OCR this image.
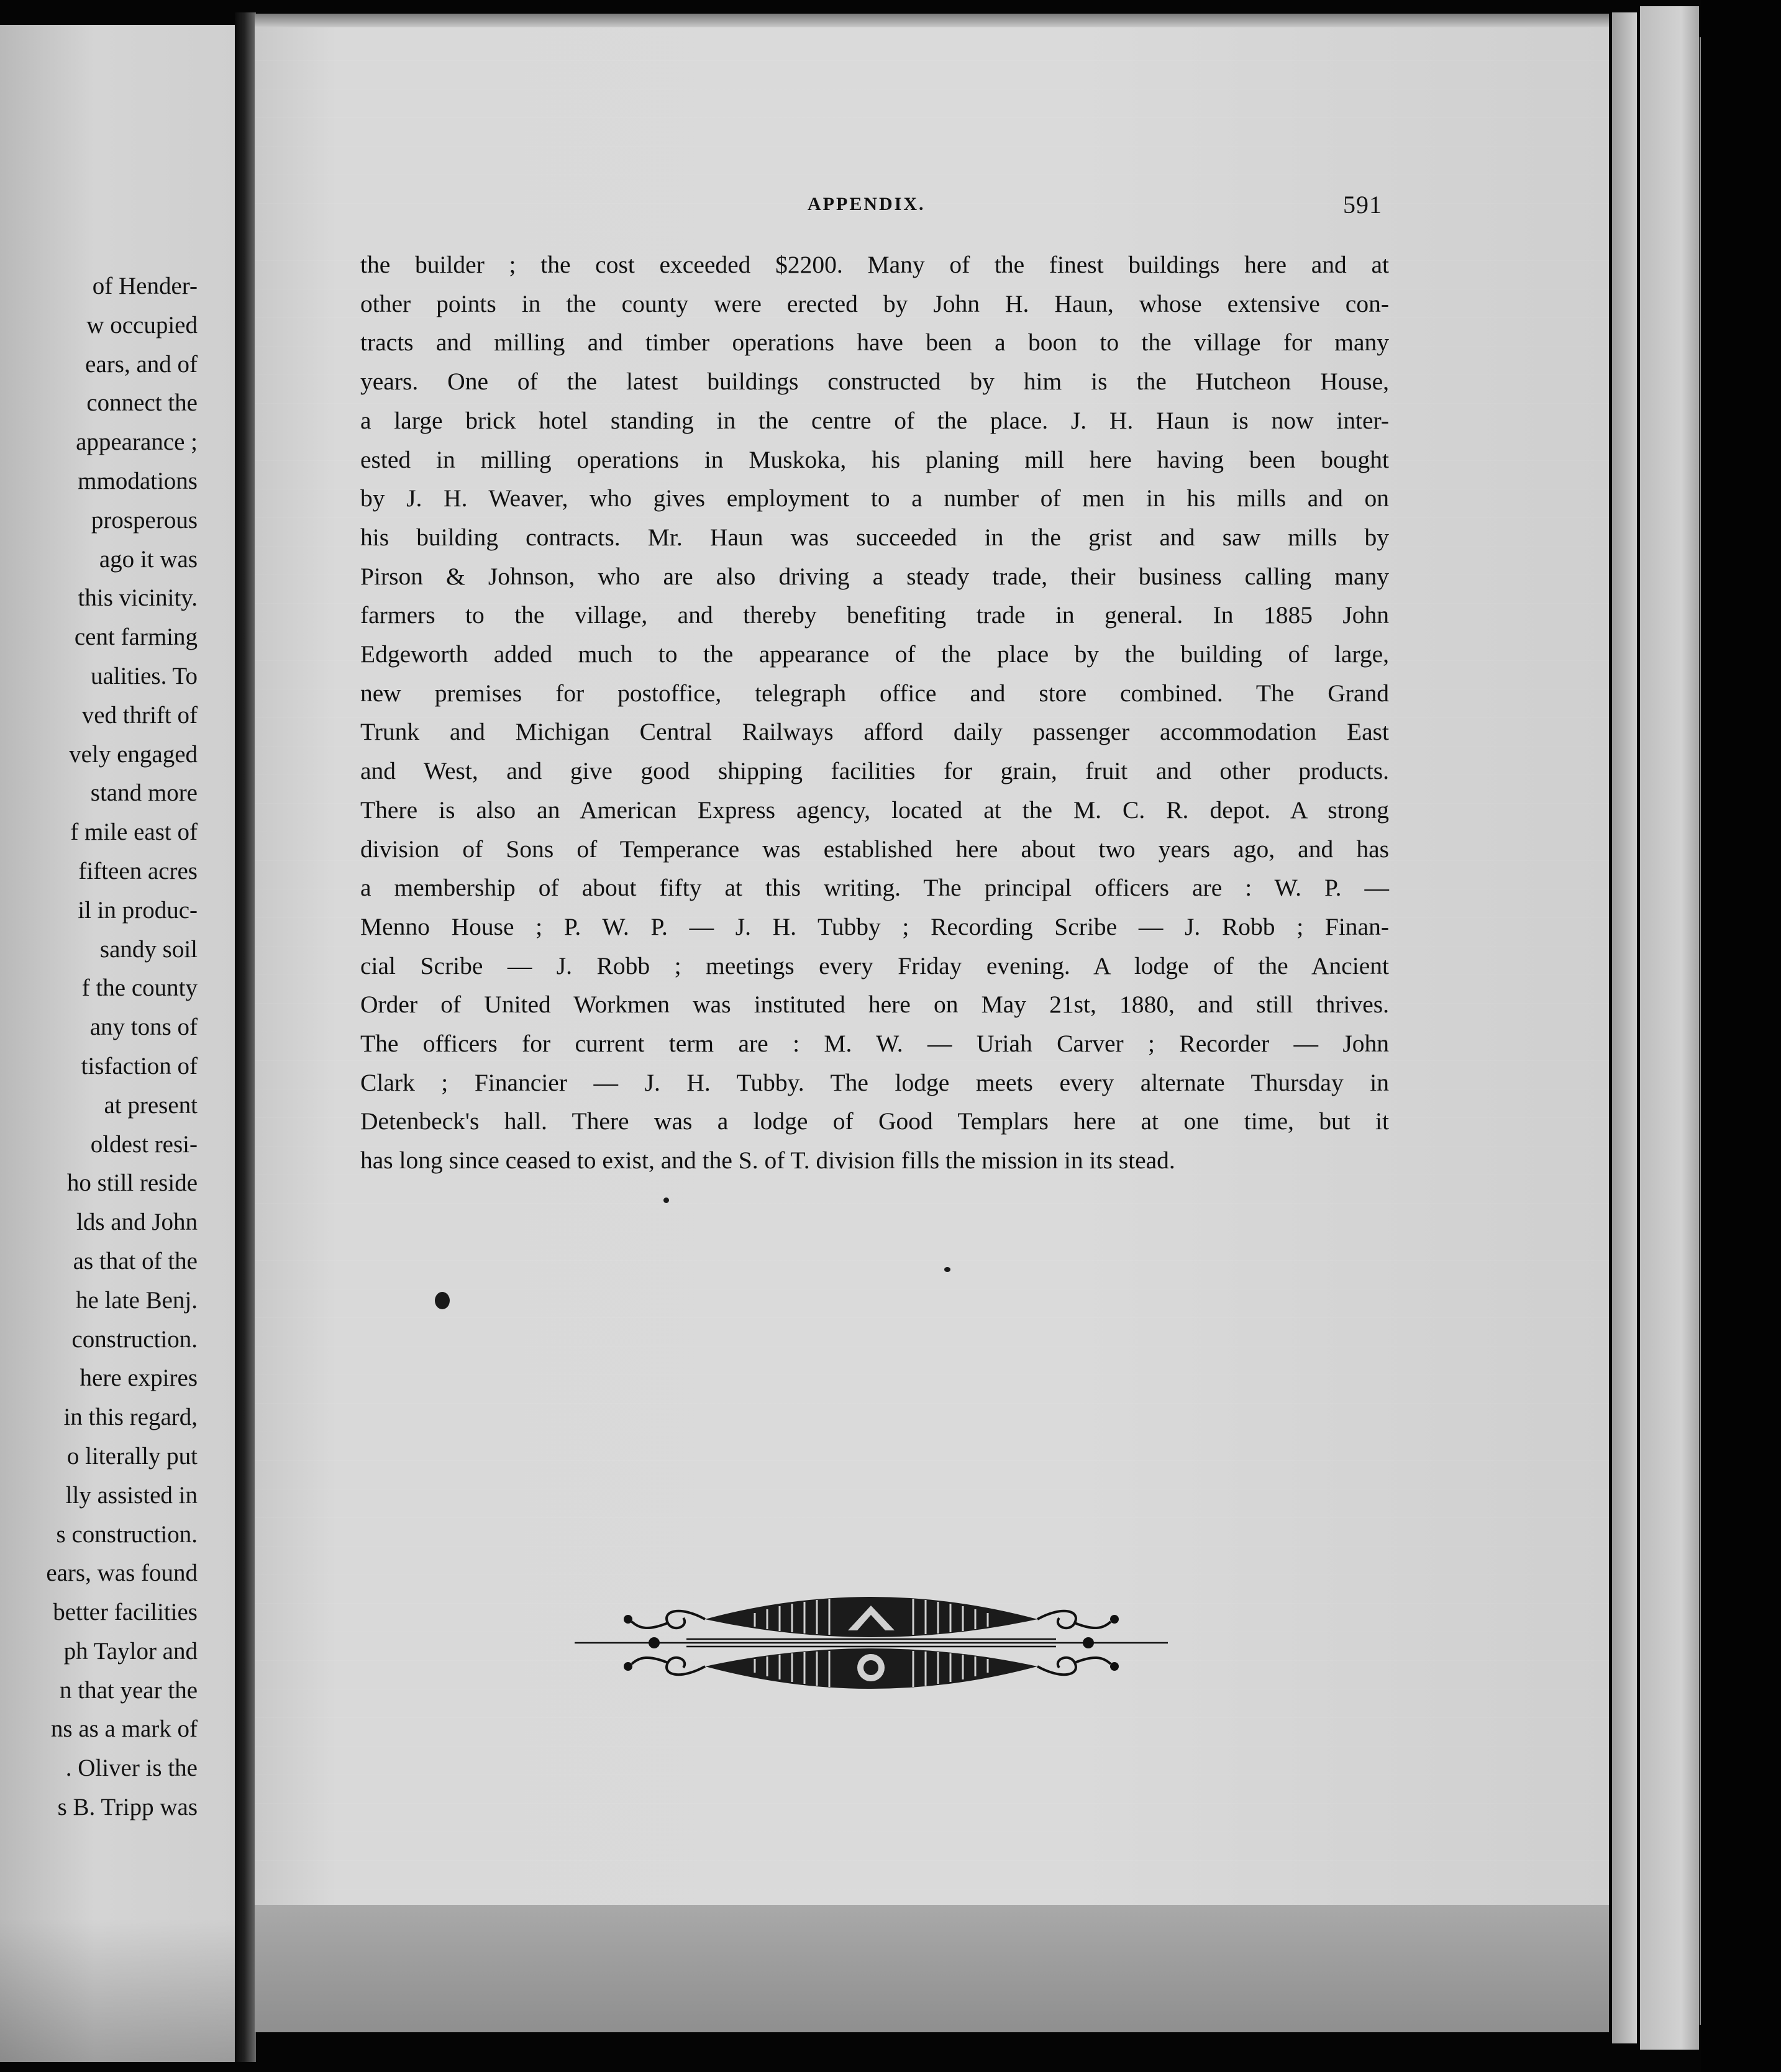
of Hender-
w occupied
ears, and of
connect the
appearance ;
mmodations
prosperous
ago it was
this vicinity.
cent farming
ualities. To
ved thrift of
vely engaged
stand more
f mile east of
fifteen acres
il in produc-
sandy soil
f the county
any tons of
tisfaction of
at present
oldest resi-
ho still reside
lds and John
as that of the
he late Benj.
construction.
here expires
in this regard,
o literally put
lly assisted in
s construction.
ears, was found
better facilities
ph Taylor and
n that year the
ns as a mark of
. Oliver is the
s B. Tripp was
APPENDIX.	591
the builder ; the cost exceeded $2200. Many of the finest buildings here and at
other points in the county were erected by John H. Haun, whose extensive con-
tracts and milling and timber operations have been a boon to the village for many
years. One of the latest buildings constructed by him is the Hutcheon House,
a large brick hotel standing in the centre of the place. J. H. Haun is now inter-
ested in milling operations in Muskoka, his planing mill here having been bought
by J. H. Weaver, who gives employment to a number of men in his mills and on
his building contracts. Mr. Haun was succeeded in the grist and saw mills by
Pirson & Johnson, who are also driving a steady trade, their business calling many
farmers to the village, and thereby benefiting trade in general. In 1885 John
Edgeworth added much to the appearance of the place by the building of large,
new premises for postoffice, telegraph office and store combined. The Grand
Trunk and Michigan Central Railways afford daily passenger accommodation East
and West, and give good shipping facilities for grain, fruit and other products.
There is also an American Express agency, located at the M. C. R. depot. A strong
division of Sons of Temperance was established here about two years ago, and has
a membership of about fifty at this writing. The principal officers are : W. P. —
Menno House ; P. W. P. — J. H. Tubby ; Recording Scribe — J. Robb ; Finan-
cial Scribe — J. Robb ; meetings every Friday evening. A lodge of the Ancient
Order of United Workmen was instituted here on May 21st, 1880, and still thrives.
The officers for current term are : M. W. — Uriah Carver ; Recorder — John
Clark ; Financier — J. H. Tubby. The lodge meets every alternate Thursday in
Detenbeck's hall. There was a lodge of Good Templars here at one time, but it
has long since ceased to exist, and the S. of T. division fills the mission in its stead.
